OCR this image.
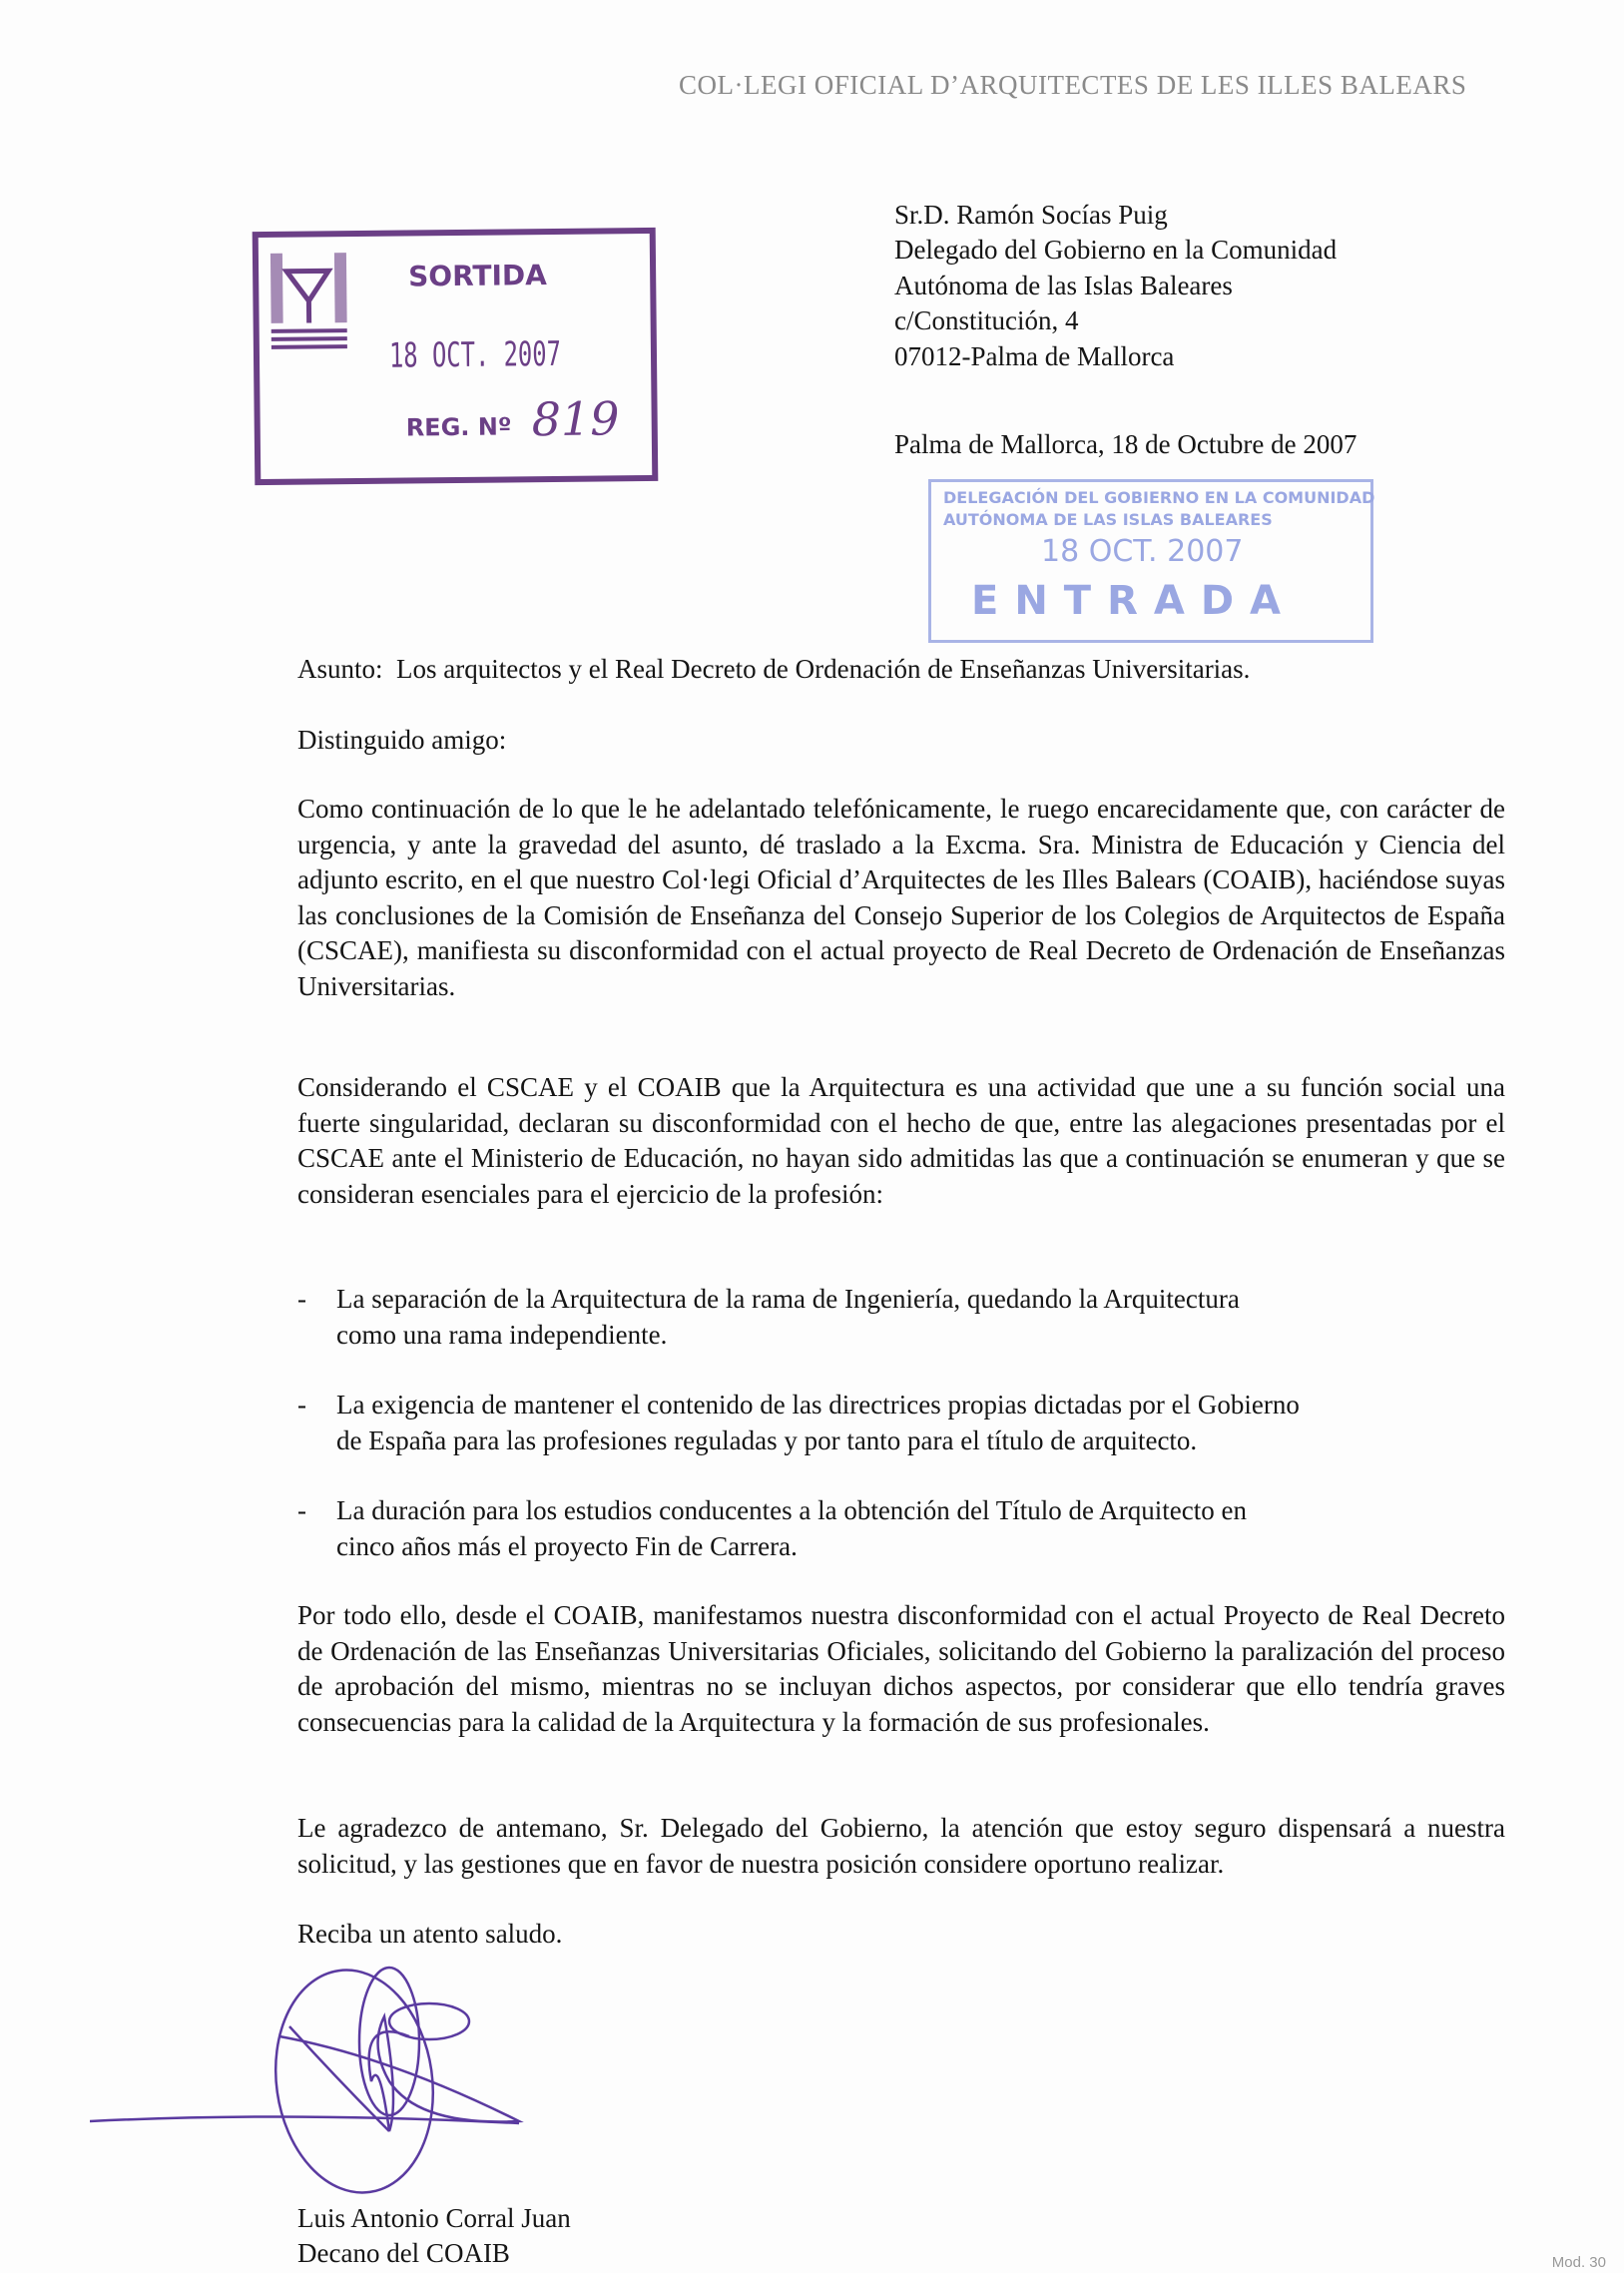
COL·LEGI OFICIAL D’ARQUITECTES DE LES ILLES BALEARS
SORTIDA
18 OCT. 2007
REG. Nº 819
DELEGACIÓN DEL GOBIERNO EN LA COMUNIDAD
AUTÓNOMA DE LAS ISLAS BALEARES
18 OCT. 2007
ENTRADA
Sr.D. Ramón Socías Puig
Delegado del Gobierno en la Comunidad
Autónoma de las Islas Baleares
c/Constitución, 4
07012-Palma de Mallorca
Palma de Mallorca, 18 de Octubre de 2007
Asunto:  Los arquitectos y el Real Decreto de Ordenación de Enseñanzas Universitarias.
Distinguido amigo:
Como continuación de lo que le he adelantado telefónicamente, le ruego encarecidamente que, con carácter de urgencia, y ante la gravedad del asunto, dé traslado a la Excma. Sra. Ministra de Educación y Ciencia del adjunto escrito, en el que nuestro Col·legi Oficial d’Arquitectes de les Illes Balears (COAIB), haciéndose suyas las conclusiones de la Comisión de Enseñanza del Consejo Superior de los Colegios de Arquitectos de España (CSCAE), manifiesta su disconformidad con el actual proyecto de Real Decreto de Ordenación de Enseñanzas Universitarias.
Considerando el CSCAE y el COAIB que la Arquitectura es una actividad que une a su función social una fuerte singularidad, declaran su disconformidad con el hecho de que, entre las alegaciones presentadas por el CSCAE ante el Ministerio de Educación, no hayan sido admitidas las que a continuación se enumeran y que se consideran esenciales para el ejercicio de la profesión:
- La separación de la Arquitectura de la rama de Ingeniería, quedando la Arquitectura
como una rama independiente.
- La exigencia de mantener el contenido de las directrices propias dictadas por el Gobierno
de España para las profesiones reguladas y por tanto para el título de arquitecto.
- La duración para los estudios conducentes a la obtención del Título de Arquitecto en
cinco años más el proyecto Fin de Carrera.
Por todo ello, desde el COAIB, manifestamos nuestra disconformidad con el actual Proyecto de Real Decreto de Ordenación de las Enseñanzas Universitarias Oficiales, solicitando del Gobierno la paralización del proceso de aprobación del mismo, mientras no se incluyan dichos aspectos, por considerar que ello tendría graves consecuencias para la calidad de la Arquitectura y la formación de sus profesionales.
Le agradezco de antemano, Sr. Delegado del Gobierno, la atención que estoy seguro dispensará a nuestra solicitud, y las gestiones que en favor de nuestra posición considere oportuno realizar.
Reciba un atento saludo.
Luis Antonio Corral Juan
Decano del COAIB	Mod. 30
